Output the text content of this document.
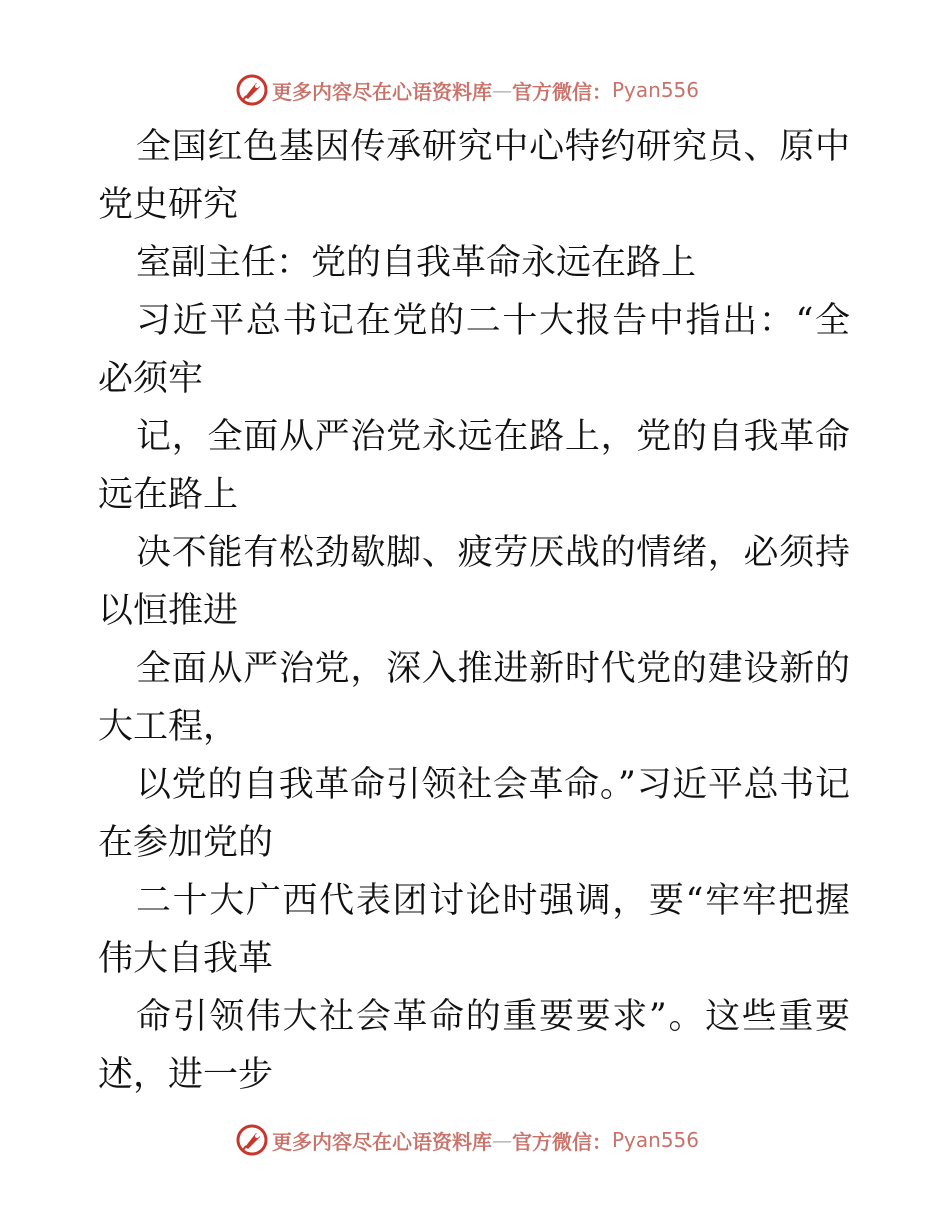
更多内容尽在心语资料库 — 官方微信： Pyan556
全国红色基因传承研究中心特约研究员、原中
党史研究
室副主任：党的自我革命永远在路上
习近平总书记在党的二十大报告中指出：“全
必须牢
记，全面从严治党永远在路上，党的自我革命
远在路上
决不能有松劲歇脚、疲劳厌战的情绪，必须持
以恒推进
全面从严治党，深入推进新时代党的建设新的
大工程，
以党的自我革命引领社会革命。”习近平总书记
在参加党的
二十大广西代表团讨论时强调，要“牢牢把握
伟大自我革
命引领伟大社会革命的重要要求”。这些重要
述，进一步
更多内容尽在心语资料库 — 官方微信： Pyan556
